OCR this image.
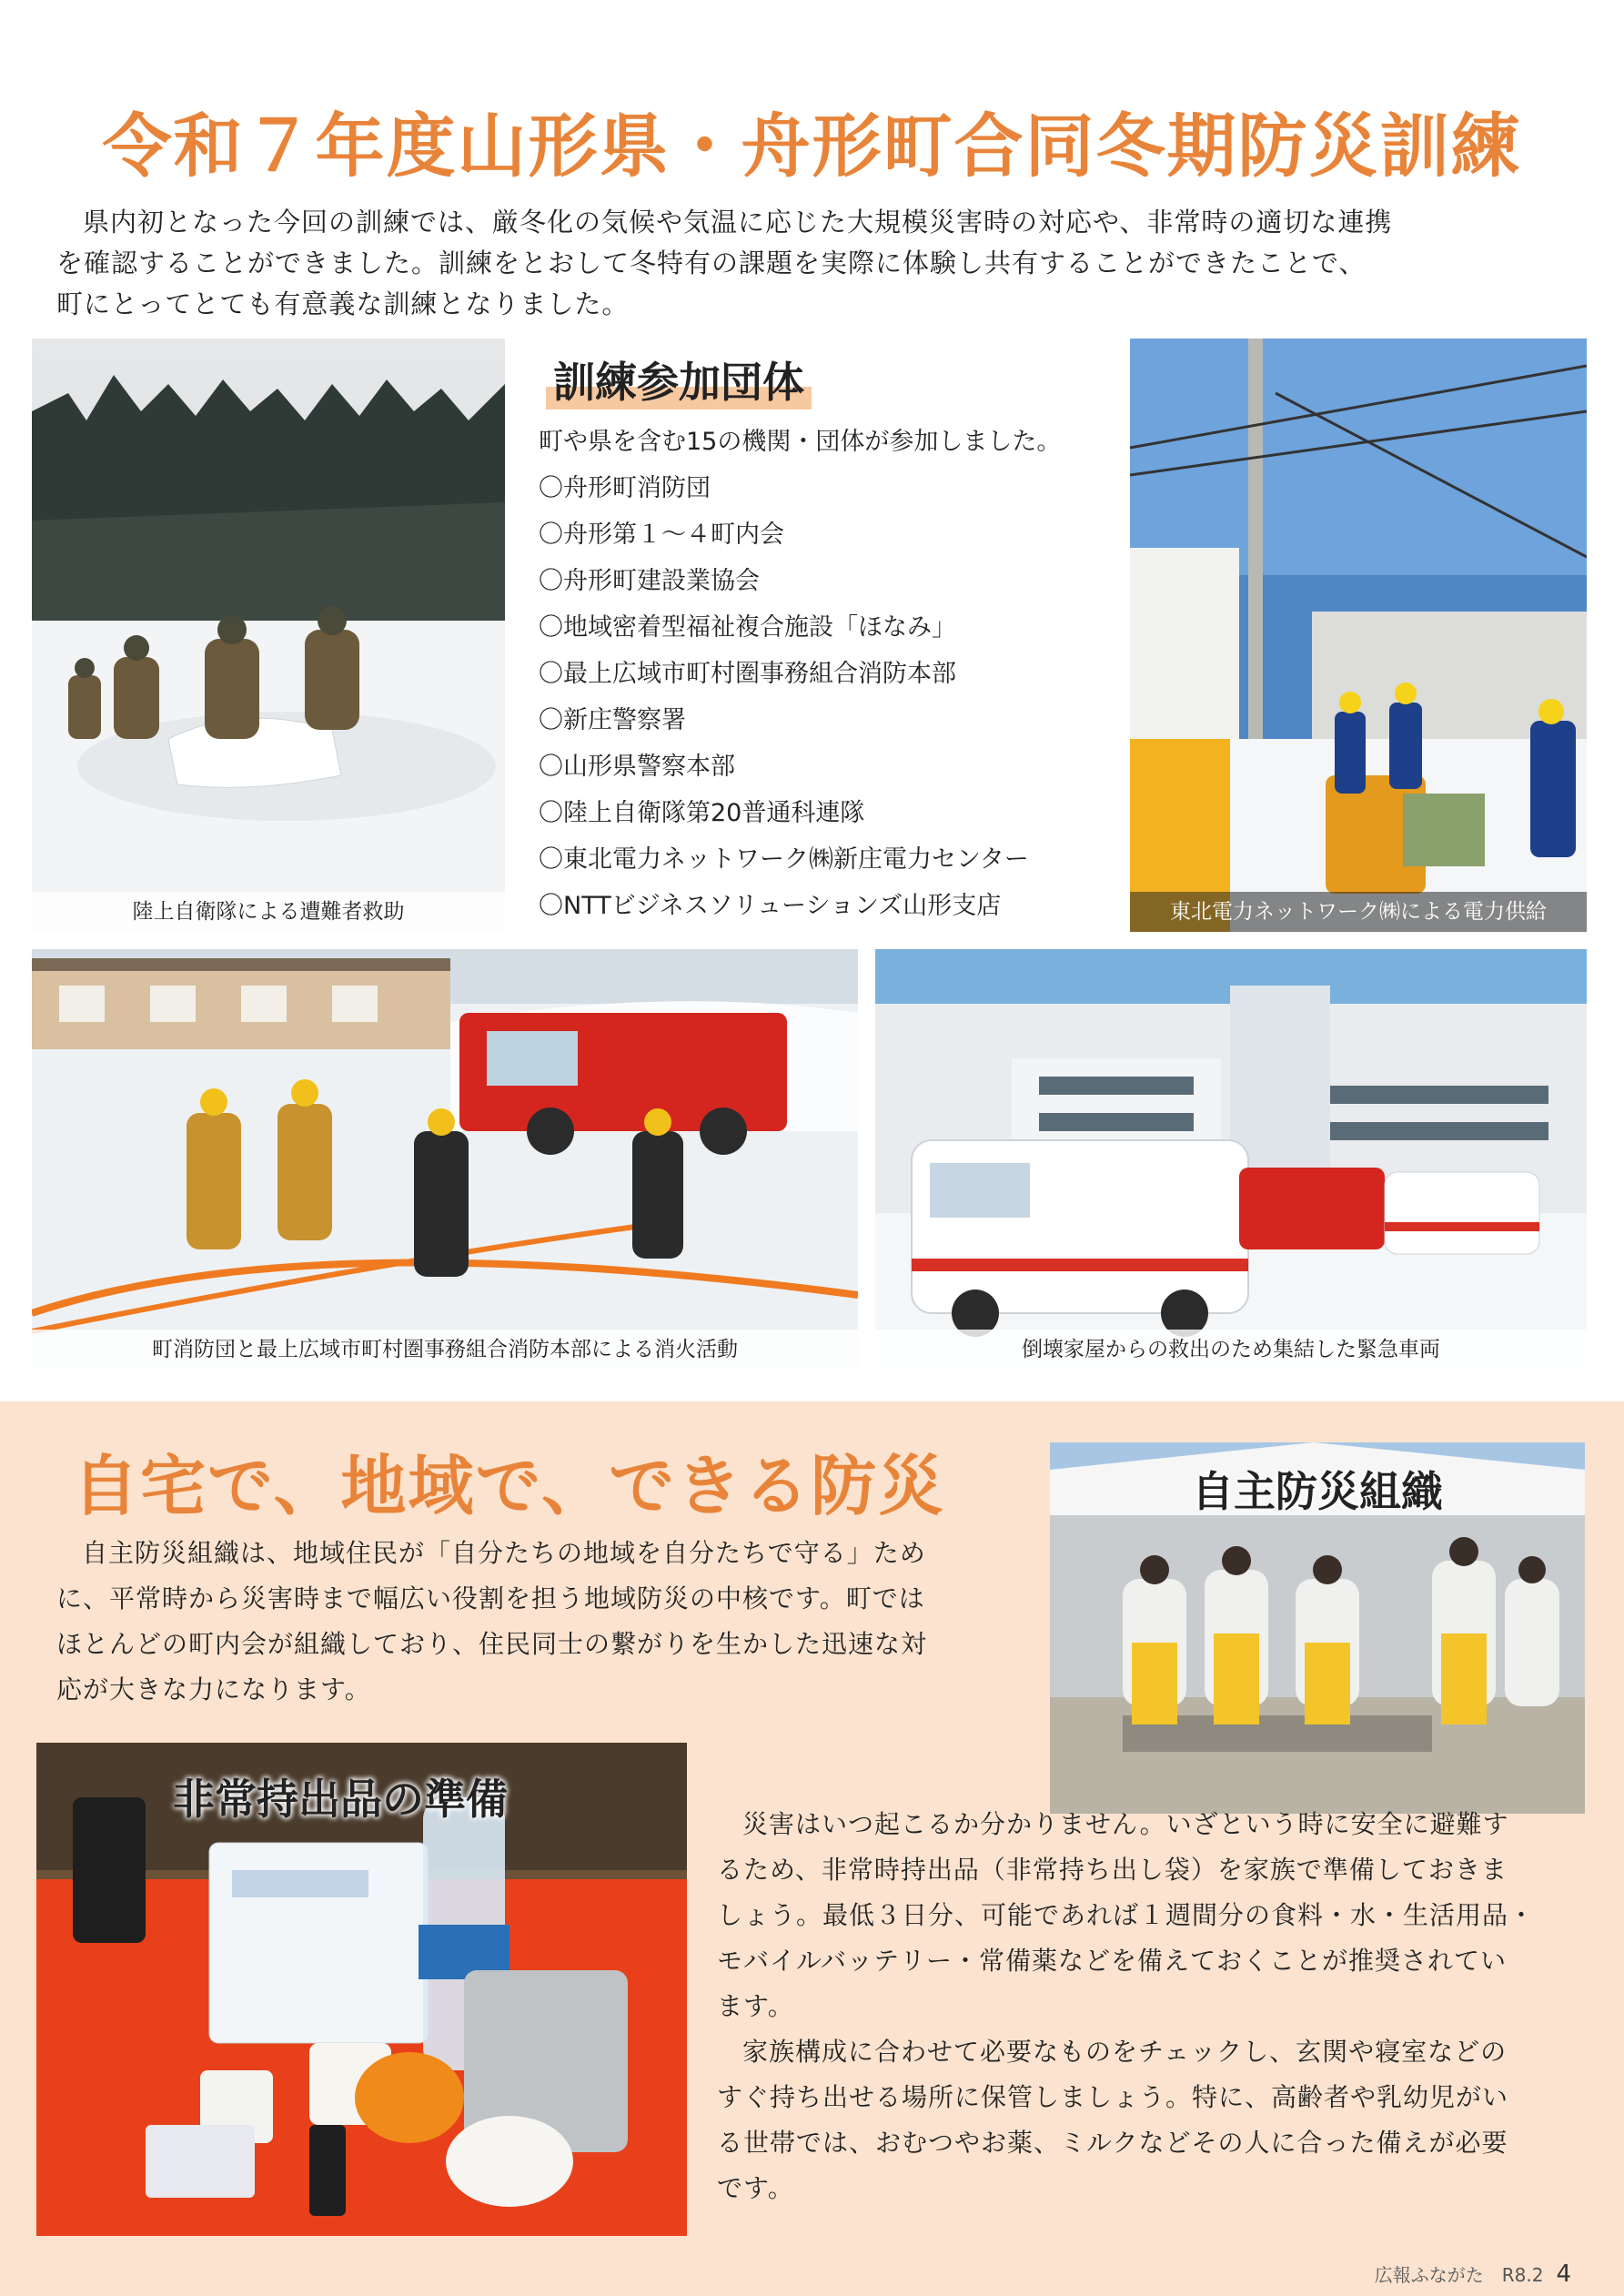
令和７年度山形県・舟形町合同冬期防災訓練

県内初となった今回の訓練では、厳冬化の気候や気温に応じた大規模災害時の対応や、非常時の適切な連携

を確認することができました。訓練をとおして冬特有の課題を実際に体験し共有することができたことで、

町にとってとても有意義な訓練となりました。

陸上自衛隊による遭難者救助
訓練参加団体
町や県を含む15の機関・団体が参加しました。
〇舟形町消防団
〇舟形第１～４町内会
〇舟形町建設業協会
〇地域密着型福祉複合施設「ほなみ」
〇最上広域市町村圏事務組合消防本部
〇新庄警察署
〇山形県警察本部
〇陸上自衛隊第20普通科連隊
〇東北電力ネットワーク㈱新庄電力センター
〇NTTビジネスソリューションズ山形支店	東北電力ネットワーク㈱による電力供給
町消防団と最上広域市町村圏事務組合消防本部による消火活動	倒壊家屋からの救出のため集結した緊急車両
自宅で、地域で、できる防災

自主防災組織は、地域住民が「自分たちの地域を自分たちで守る」ため

に、平常時から災害時まで幅広い役割を担う地域防災の中核です。町では

ほとんどの町内会が組織しており、住民同士の繋がりを生かした迅速な対

応が大きな力になります。

自主防災組織
非常持出品の準備

災害はいつ起こるか分かりません。いざという時に安全に避難す

るため、非常時持出品（非常持ち出し袋）を家族で準備しておきま

しょう。最低３日分、可能であれば１週間分の食料・水・生活用品・

モバイルバッテリー・常備薬などを備えておくことが推奨されてい

ます。

家族構成に合わせて必要なものをチェックし、玄関や寝室などの

すぐ持ち出せる場所に保管しましょう。特に、高齢者や乳幼児がい

る世帯では、おむつやお薬、ミルクなどその人に合った備えが必要

です。

広報ふながた　R8.2 4
